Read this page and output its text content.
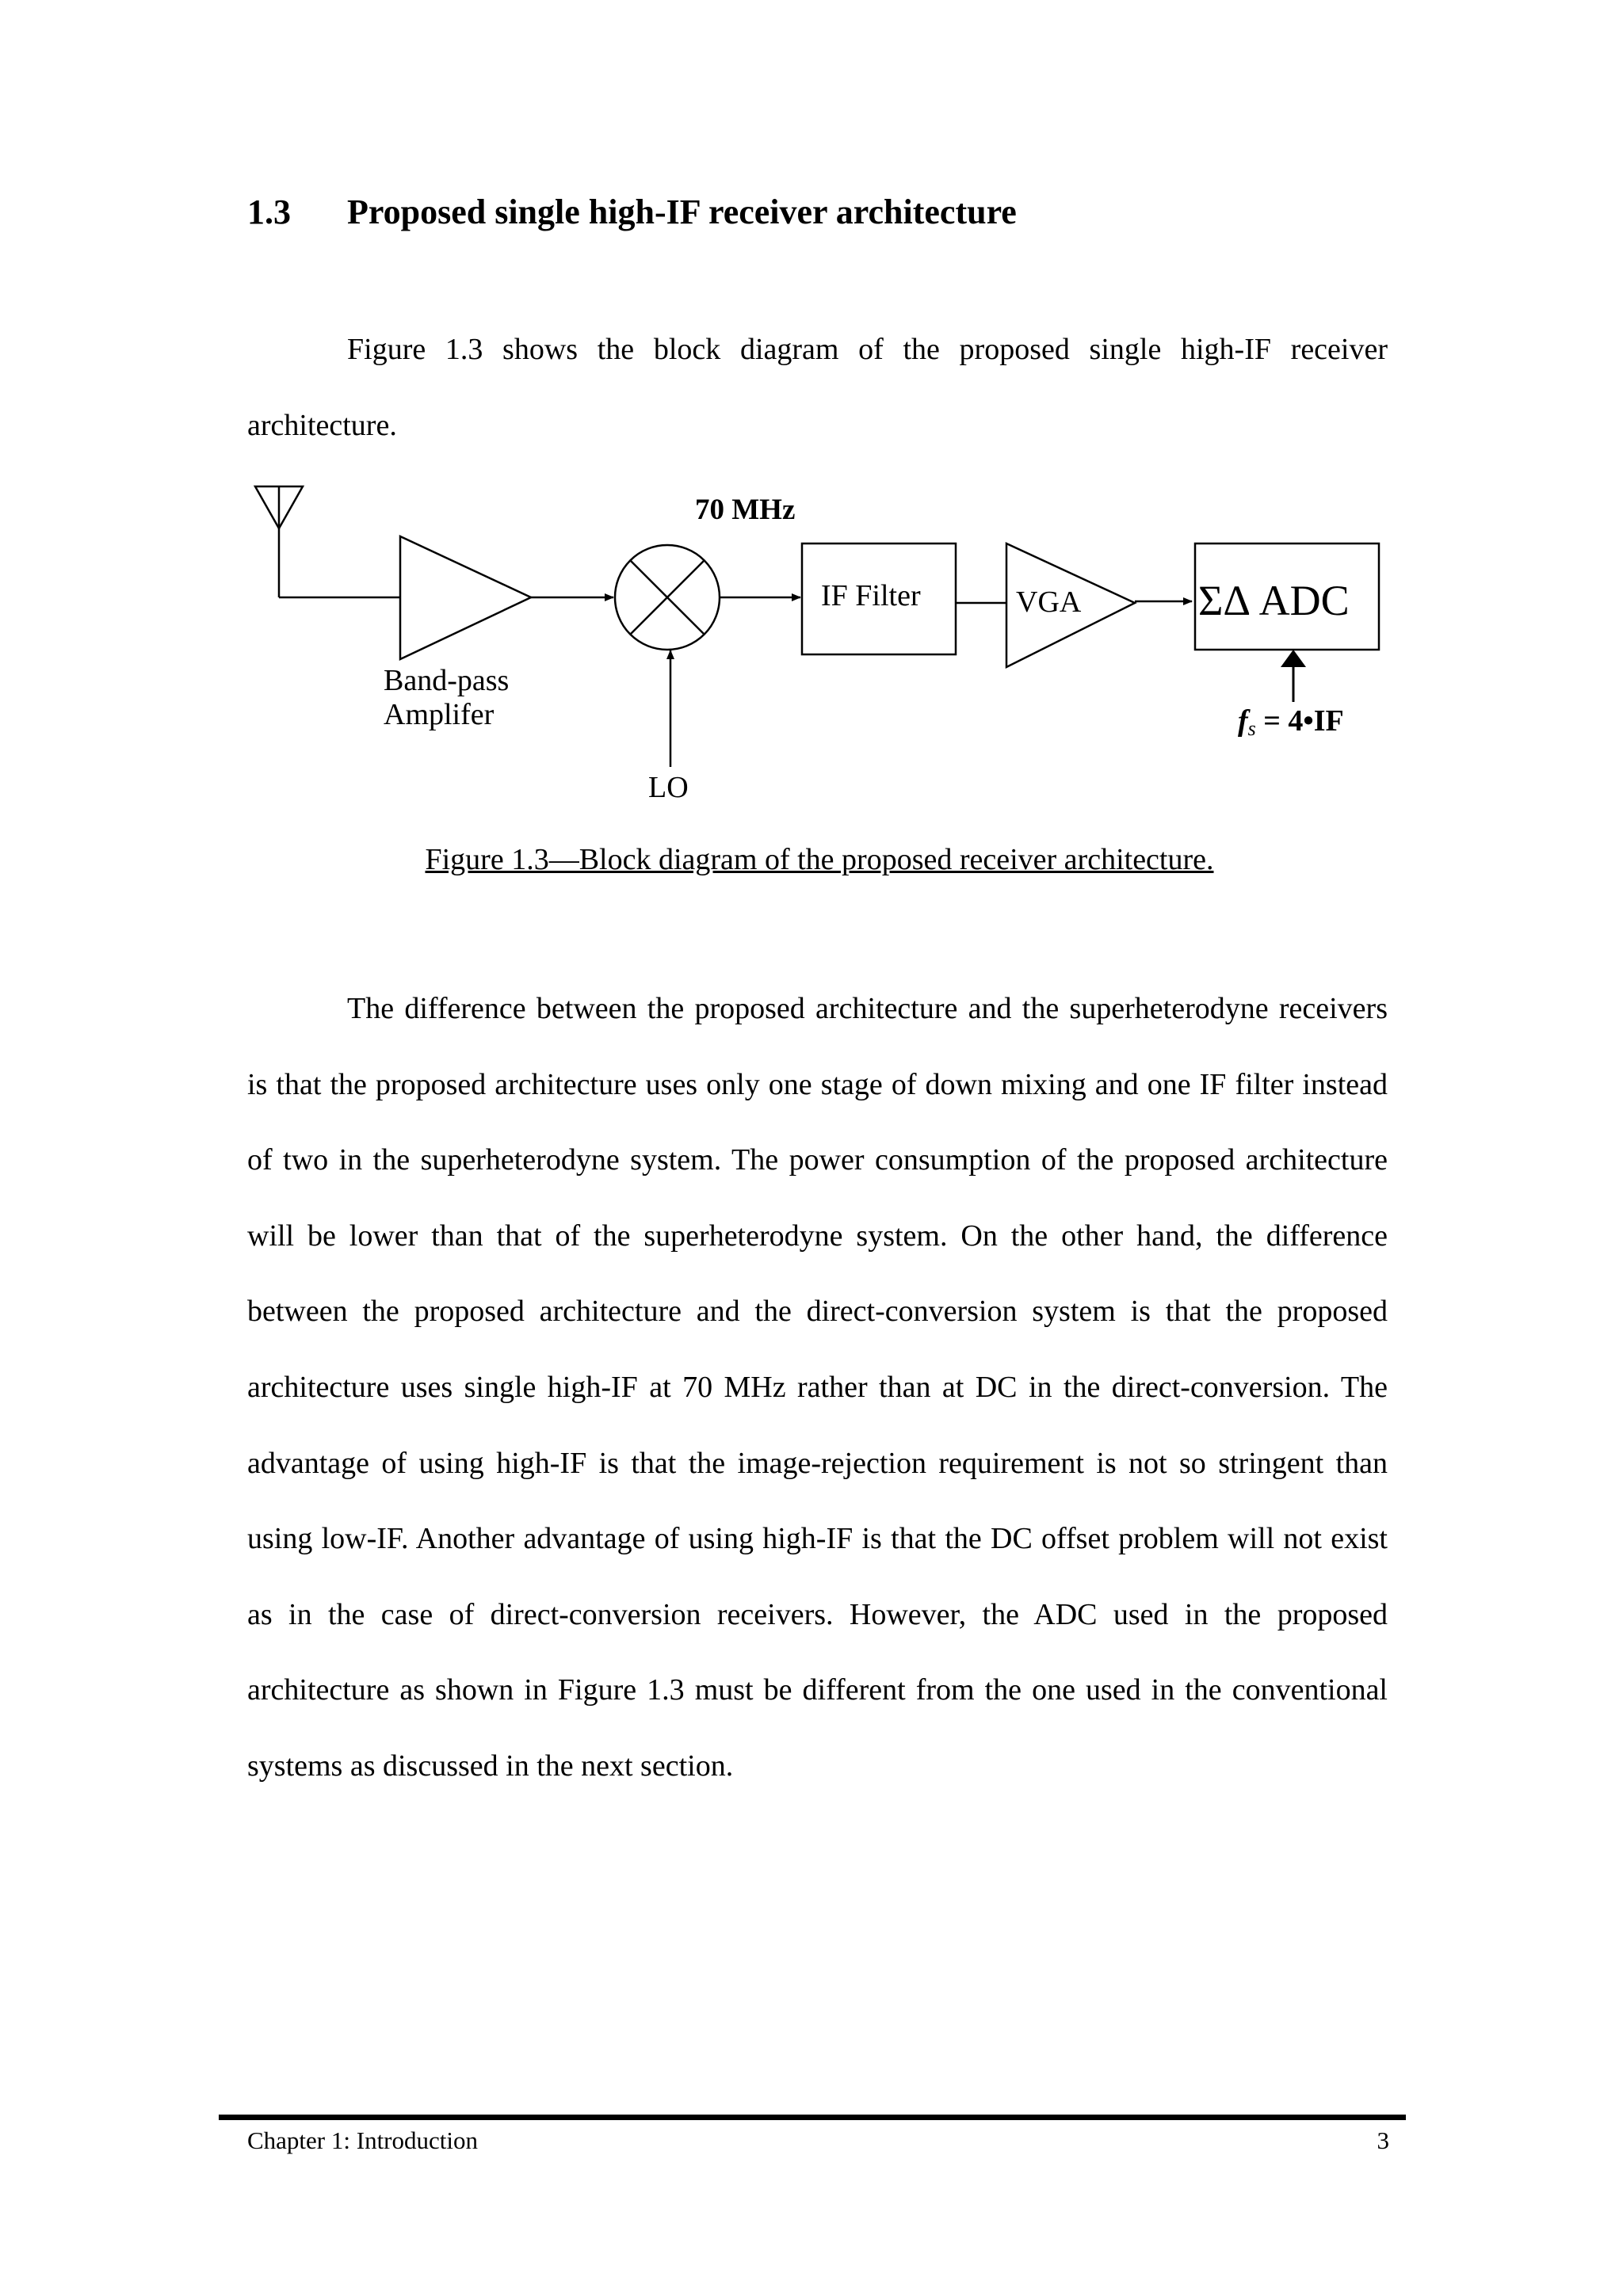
1.3 Proposed single high-IF receiver architecture

Figure 1.3 shows the block diagram of the proposed single high-IF receiver architecture.

70 MHz
Band-pass
Amplifer
LO
IF Filter	VGA	ΣΔ ADC
fs = 4•IF
Figure 1.3—Block diagram of the proposed receiver architecture.

The difference between the proposed architecture and the superheterodyne receivers is that the proposed architecture uses only one stage of down mixing and one IF filter instead of two in the superheterodyne system. The power consumption of the proposed architecture will be lower than that of the superheterodyne system. On the other hand, the difference between the proposed architecture and the direct-conversion system is that the proposed architecture uses single high-IF at 70 MHz rather than at DC in the direct-conversion. The advantage of using high-IF is that the image-rejection requirement is not so stringent than using low-IF. Another advantage of using high-IF is that the DC offset problem will not exist as in the case of direct-conversion receivers. However, the ADC used in the proposed architecture as shown in Figure 1.3 must be different from the one used in the conventional systems as discussed in the next section.

Chapter 1: Introduction	3
